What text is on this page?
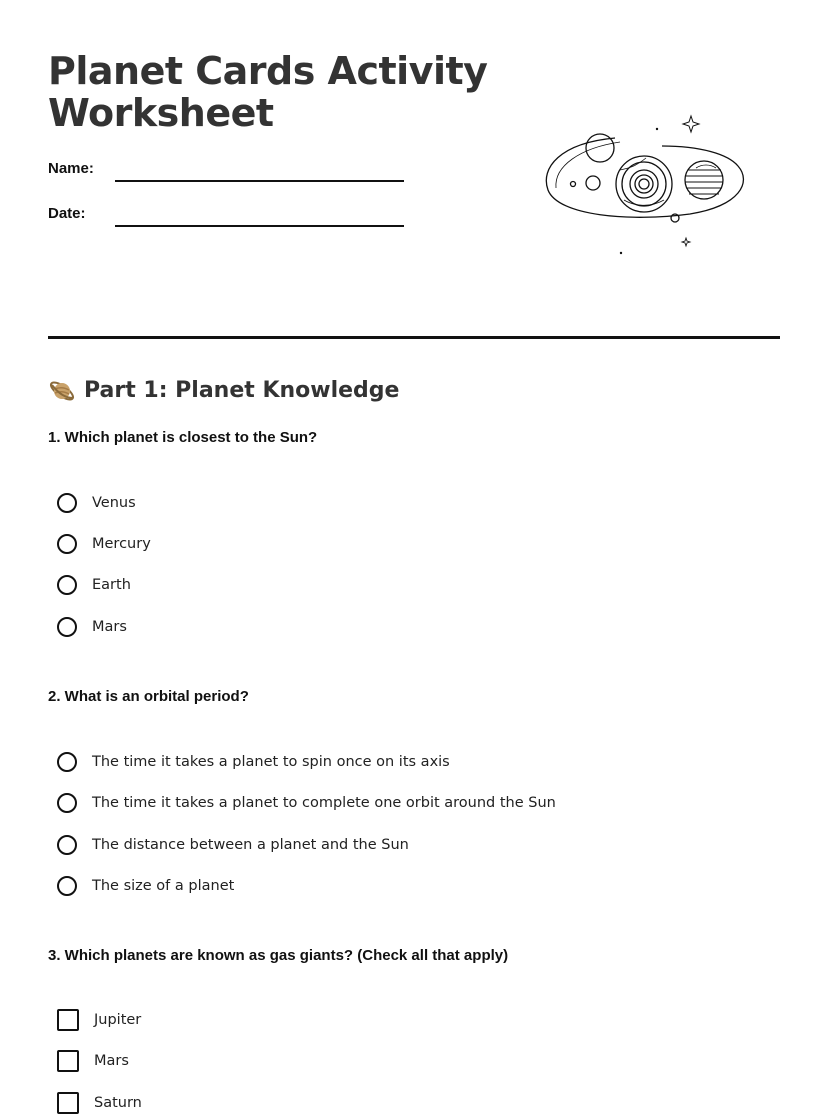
Planet Cards Activity Worksheet
Name:
Date:
Part 1: Planet Knowledge
1. Which planet is closest to the Sun?
Venus
Mercury
Earth
Mars
2. What is an orbital period?
The time it takes a planet to spin once on its axis
The time it takes a planet to complete one orbit around the Sun
The distance between a planet and the Sun
The size of a planet
3. Which planets are known as gas giants? (Check all that apply)
Jupiter
Mars
Saturn
